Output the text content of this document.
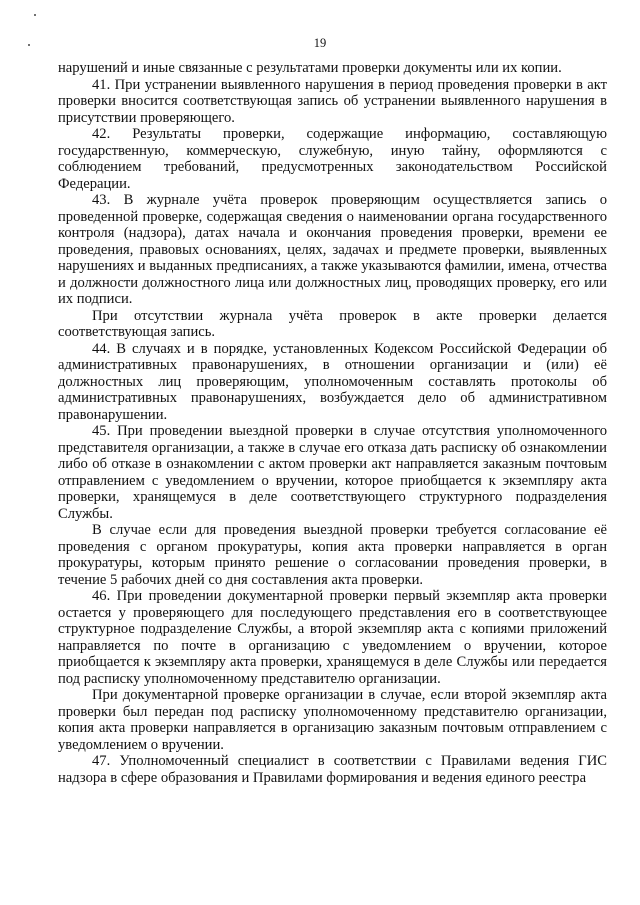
19

нарушений и иные связанные с результатами проверки документы или их копии.

41. При устранении выявленного нарушения в период проведения проверки в акт проверки вносится соответствующая запись об устранении выявленного нарушения в присутствии проверяющего.

42. Результаты проверки, содержащие информацию, составляющую государственную, коммерческую, служебную, иную тайну, оформляются с соблюдением требований, предусмотренных законодательством Российской Федерации.

43. В журнале учёта проверок проверяющим осуществляется запись о проведенной проверке, содержащая сведения о наименовании органа государственного контроля (надзора), датах начала и окончания проведения проверки, времени ее проведения, правовых основаниях, целях, задачах и предмете проверки, выявленных нарушениях и выданных предписаниях, а также указываются фамилии, имена, отчества и должности должностного лица или должностных лиц, проводящих проверку, его или их подписи.

При отсутствии журнала учёта проверок в акте проверки делается соответствующая запись.

44. В случаях и в порядке, установленных Кодексом Российской Федерации об административных правонарушениях, в отношении организации и (или) её должностных лиц проверяющим, уполномоченным составлять протоколы об административных правонарушениях, возбуждается дело об административном правонарушении.

45. При проведении выездной проверки в случае отсутствия уполномоченного представителя организации, а также в случае его отказа дать расписку об ознакомлении либо об отказе в ознакомлении с актом проверки акт направляется заказным почтовым отправлением с уведомлением о вручении, которое приобщается к экземпляру акта проверки, хранящемуся в деле соответствующего структурного подразделения Службы.

В случае если для проведения выездной проверки требуется согласование её проведения с органом прокуратуры, копия акта проверки направляется в орган прокуратуры, которым принято решение о согласовании проведения проверки, в течение 5 рабочих дней со дня составления акта проверки.

46. При проведении документарной проверки первый экземпляр акта проверки остается у проверяющего для последующего представления его в соответствующее структурное подразделение Службы, а второй экземпляр акта с копиями приложений направляется по почте в организацию с уведомлением о вручении, которое приобщается к экземпляру акта проверки, хранящемуся в деле Службы или передается под расписку уполномоченному представителю организации.

При документарной проверке организации в случае, если второй экземпляр акта проверки был передан под расписку уполномоченному представителю организации, копия акта проверки направляется в организацию заказным почтовым отправлением с уведомлением о вручении.

47. Уполномоченный специалист в соответствии с Правилами ведения ГИС надзора в сфере образования и Правилами формирования и ведения единого реестра
